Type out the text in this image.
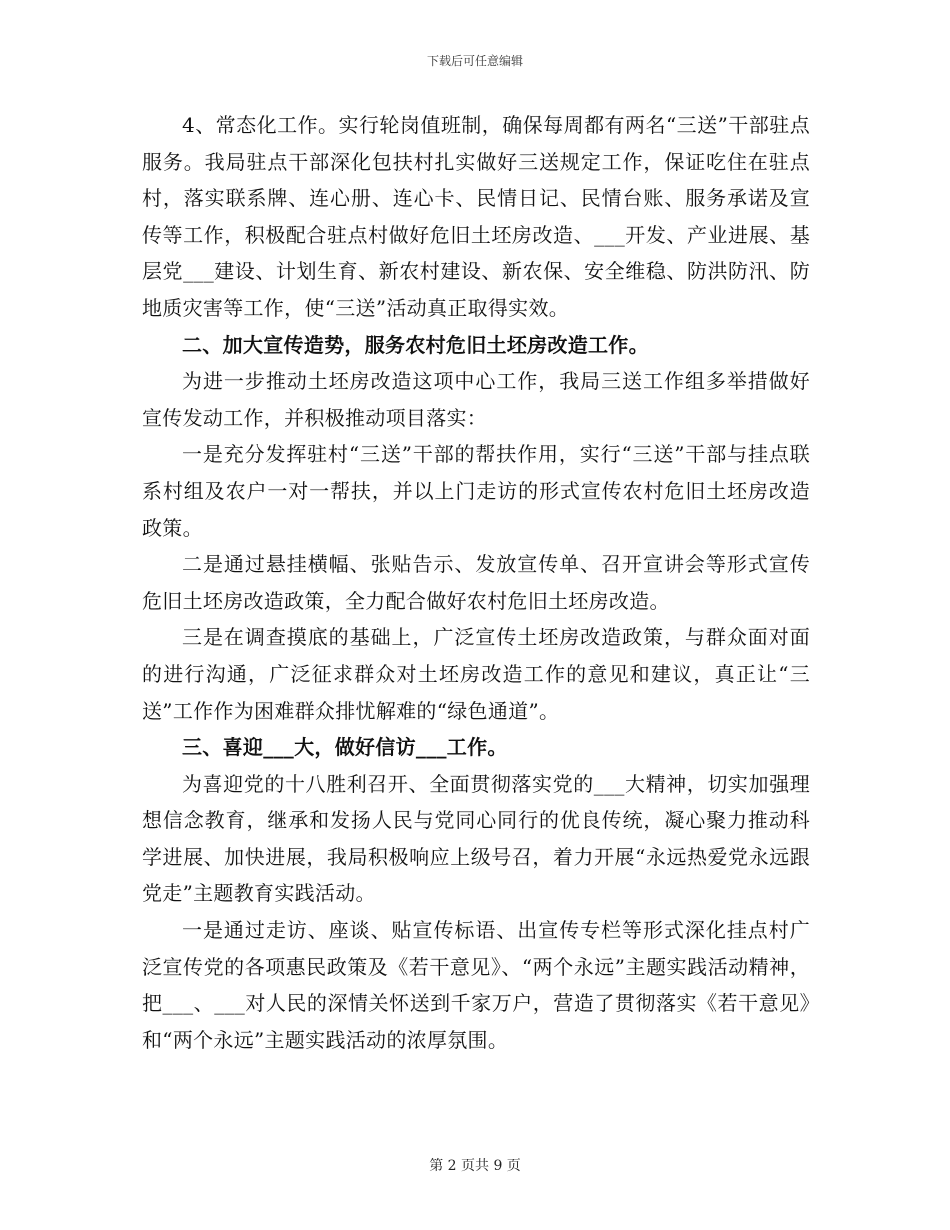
下载后可任意编辑

4、常态化工作。实行轮岗值班制，确保每周都有两名“三送”干部驻点服务。我局驻点干部深化包扶村扎实做好三送规定工作，保证吃住在驻点村，落实联系牌、连心册、连心卡、民情日记、民情台账、服务承诺及宣传等工作，积极配合驻点村做好危旧土坯房改造、___开发、产业进展、基层党___建设、计划生育、新农村建设、新农保、安全维稳、防洪防汛、防地质灾害等工作，使“三送”活动真正取得实效。

二、加大宣传造势，服务农村危旧土坯房改造工作。

为进一步推动土坯房改造这项中心工作，我局三送工作组多举措做好宣传发动工作，并积极推动项目落实：

一是充分发挥驻村“三送”干部的帮扶作用，实行“三送”干部与挂点联系村组及农户一对一帮扶，并以上门走访的形式宣传农村危旧土坯房改造政策。

二是通过悬挂横幅、张贴告示、发放宣传单、召开宣讲会等形式宣传危旧土坯房改造政策，全力配合做好农村危旧土坯房改造。

三是在调查摸底的基础上，广泛宣传土坯房改造政策，与群众面对面的进行沟通，广泛征求群众对土坯房改造工作的意见和建议，真正让“三送”工作作为困难群众排忧解难的“绿色通道”。

三、喜迎___大，做好信访___工作。

为喜迎党的十八胜利召开、全面贯彻落实党的___大精神，切实加强理想信念教育，继承和发扬人民与党同心同行的优良传统，凝心聚力推动科学进展、加快进展，我局积极响应上级号召，着力开展“永远热爱党永远跟党走”主题教育实践活动。

一是通过走访、座谈、贴宣传标语、出宣传专栏等形式深化挂点村广泛宣传党的各项惠民政策及《若干意见》、“两个永远”主题实践活动精神，把___、___对人民的深情关怀送到千家万户，营造了贯彻落实《若干意见》和“两个永远”主题实践活动的浓厚氛围。

第 2 页共 9 页
